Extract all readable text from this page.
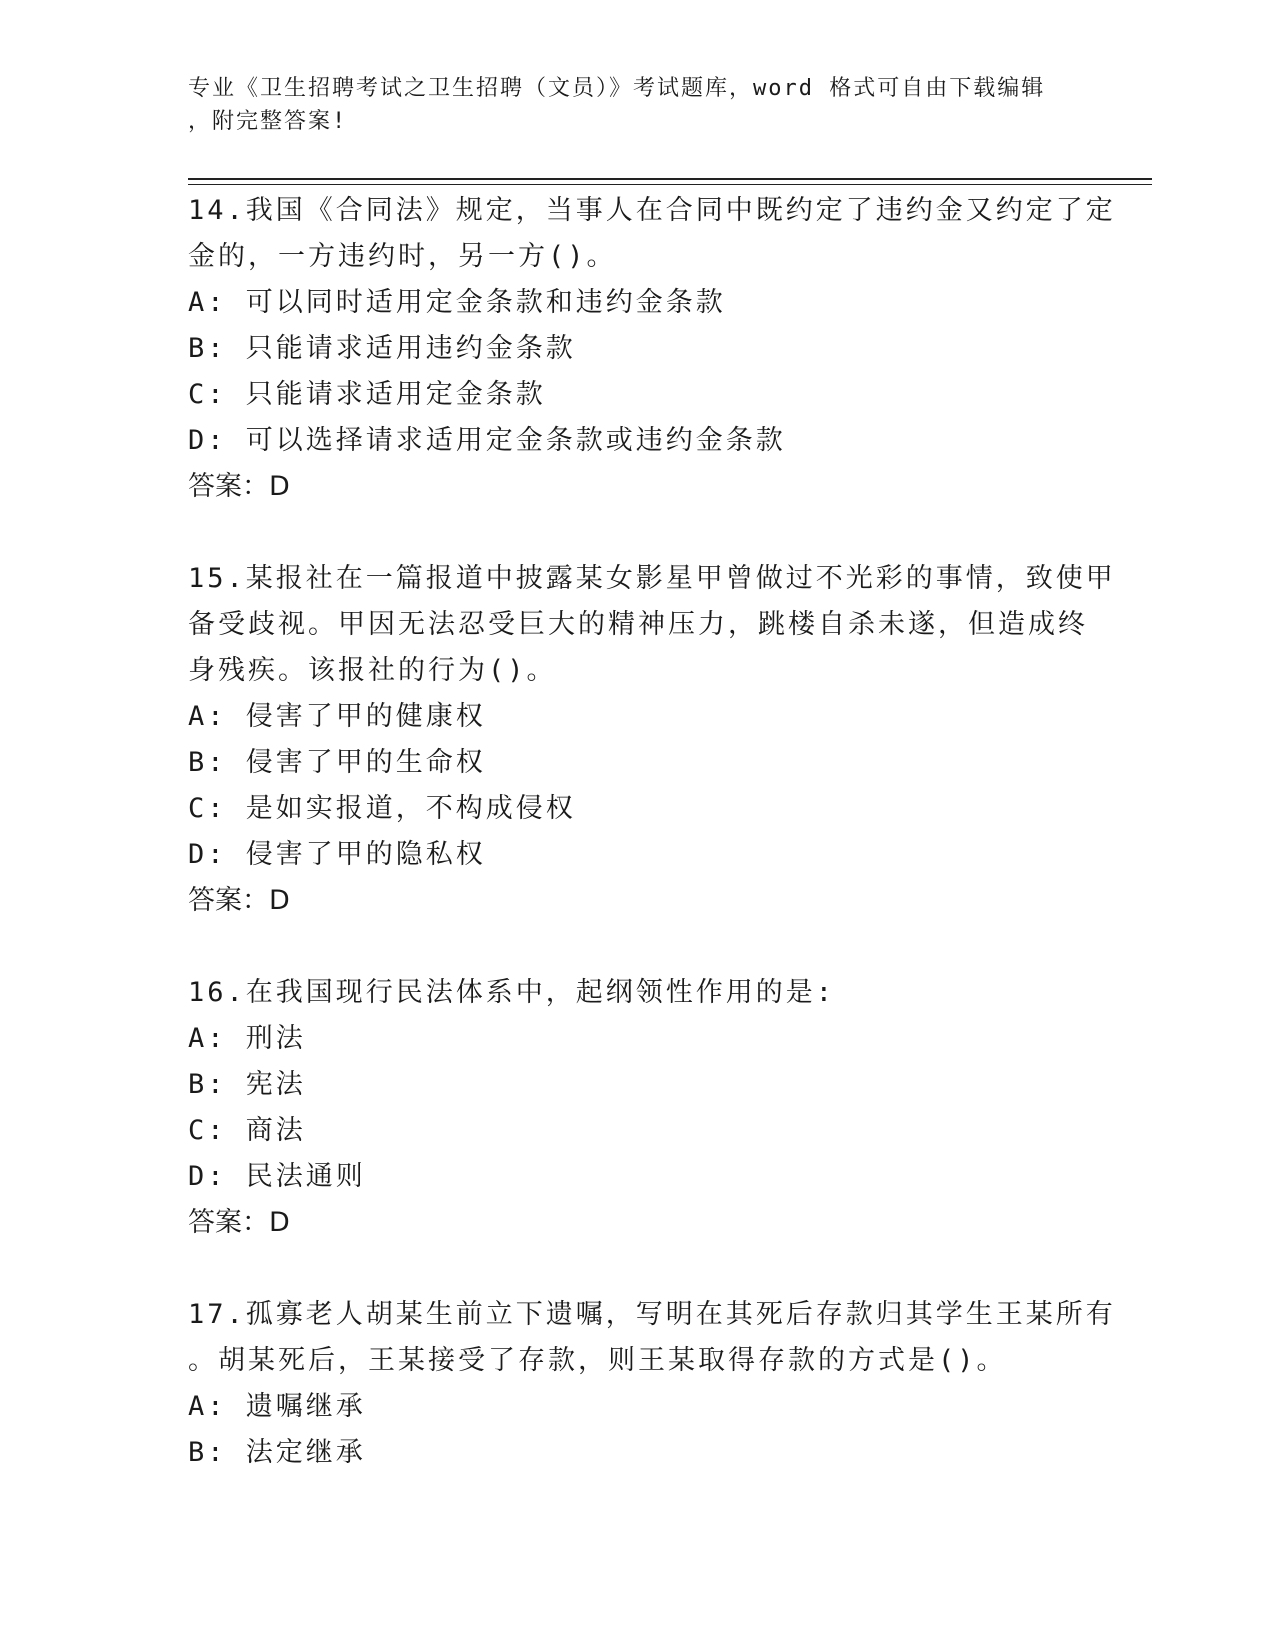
专业《卫生招聘考试之卫生招聘（文员）》考试题库，word 格式可自由下载编辑
，附完整答案!
14.我国《合同法》规定，当事人在合同中既约定了违约金又约定了定
金的，一方违约时，另一方()。
A: 可以同时适用定金条款和违约金条款
B: 只能请求适用违约金条款
C: 只能请求适用定金条款
D: 可以选择请求适用定金条款或违约金条款
答案：D
15.某报社在一篇报道中披露某女影星甲曾做过不光彩的事情，致使甲
备受歧视。甲因无法忍受巨大的精神压力，跳楼自杀未遂，但造成终
身残疾。该报社的行为()。
A: 侵害了甲的健康权
B: 侵害了甲的生命权
C: 是如实报道，不构成侵权
D: 侵害了甲的隐私权
答案：D
16.在我国现行民法体系中，起纲领性作用的是:
A: 刑法
B: 宪法
C: 商法
D: 民法通则
答案：D
17.孤寡老人胡某生前立下遗嘱，写明在其死后存款归其学生王某所有
。胡某死后，王某接受了存款，则王某取得存款的方式是()。
A: 遗嘱继承
B: 法定继承
